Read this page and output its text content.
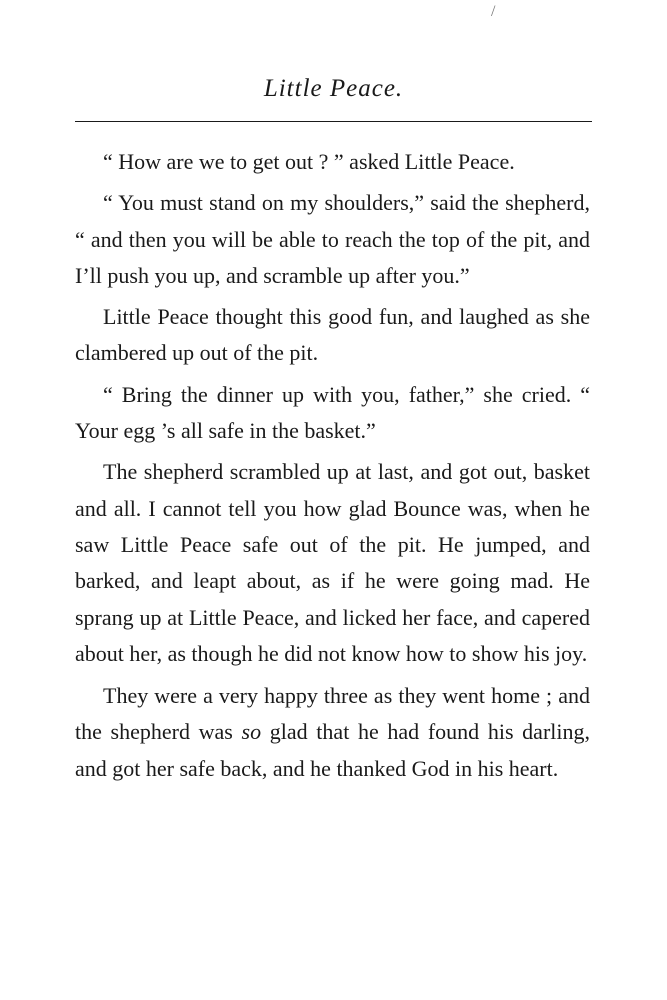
/
Little Peace.

“ How are we to get out ? ” asked Little Peace.

“ You must stand on my shoulders,” said the shepherd, “ and then you will be able to reach the top of the pit, and I’ll push you up, and scramble up after you.”

Little Peace thought this good fun, and laughed as she clambered up out of the pit.

“ Bring the dinner up with you, father,” she cried. “ Your egg ’s all safe in the basket.”

The shepherd scrambled up at last, and got out, basket and all. I cannot tell you how glad Bounce was, when he saw Little Peace safe out of the pit. He jumped, and barked, and leapt about, as if he were going mad. He sprang up at Little Peace, and licked her face, and capered about her, as though he did not know how to show his joy.

They were a very happy three as they went home ; and the shepherd was so glad that he had found his darling, and got her safe back, and he thanked God in his heart.
